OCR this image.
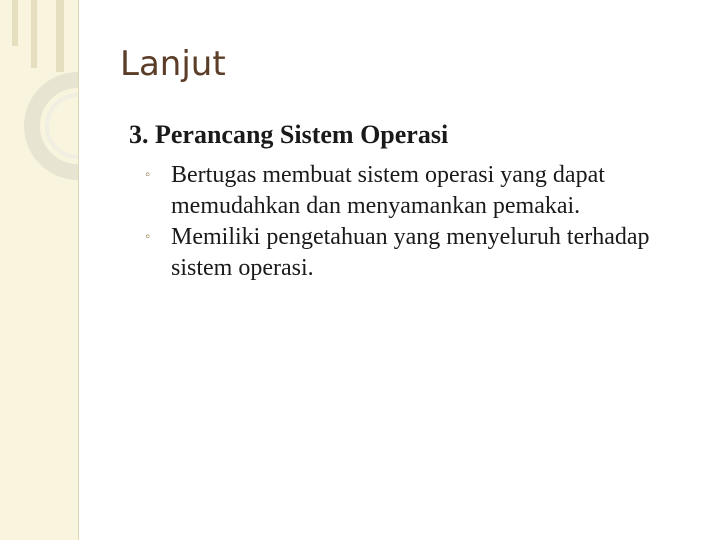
Lanjut

3. Perancang Sistem Operasi

◦ Bertugas membuat sistem operasi yang dapat memudahkan dan menyamankan pemakai.
◦ Memiliki pengetahuan yang menyeluruh terhadap sistem operasi.
